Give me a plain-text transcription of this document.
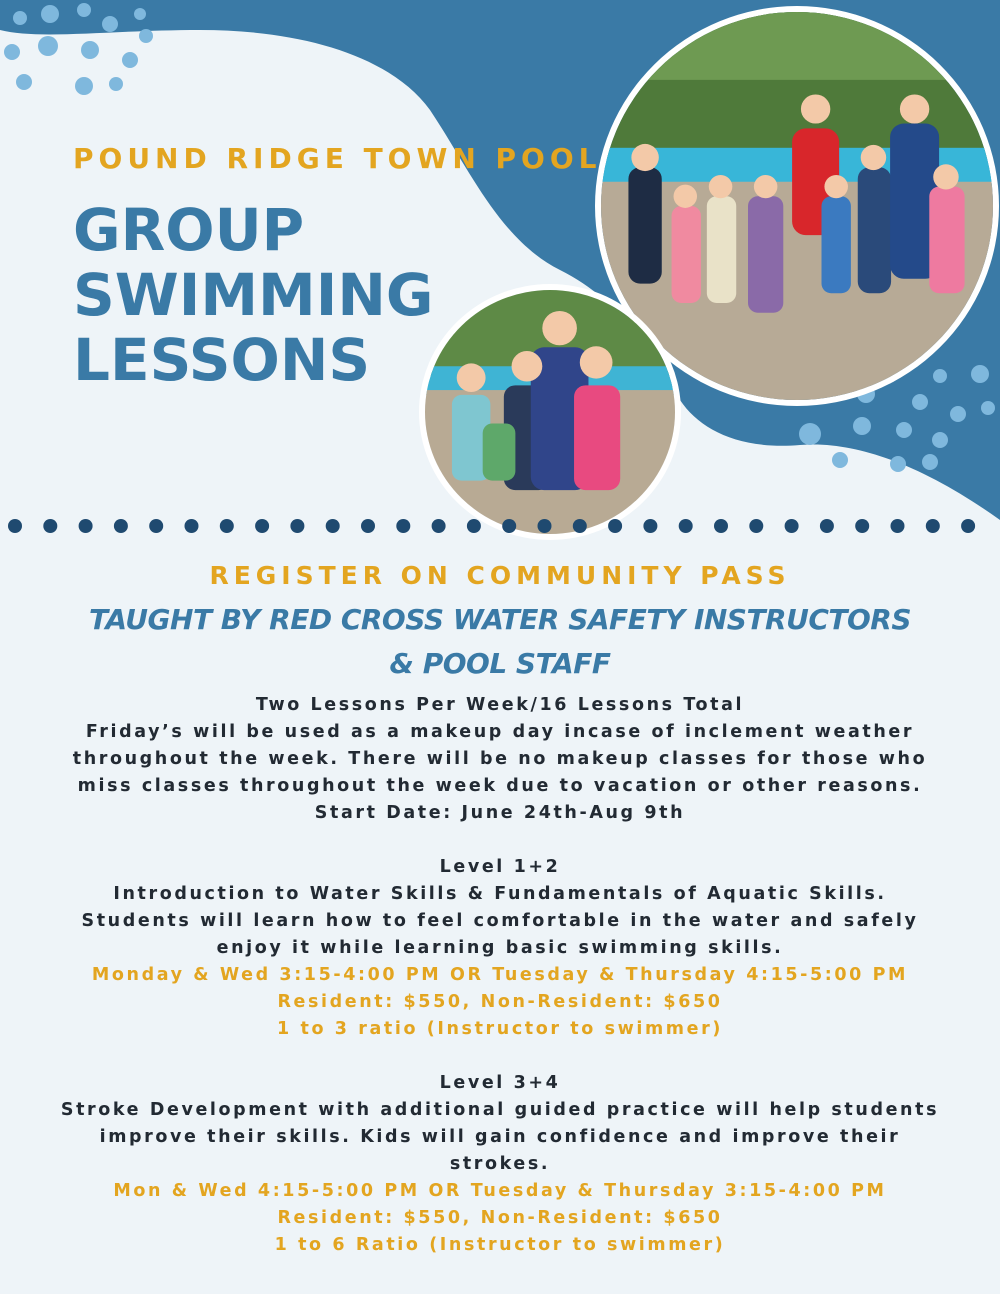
POUND RIDGE TOWN POOL

GROUP
SWIMMING
LESSONS

REGISTER ON COMMUNITY PASS

TAUGHT BY RED CROSS WATER SAFETY INSTRUCTORS
& POOL STAFF
Two Lessons Per Week/16 Lessons Total
Friday’s will be used as a makeup day incase of inclement weather
throughout the week. There will be no makeup classes for those who
miss classes throughout the week due to vacation or other reasons.
Start Date: June 24th-Aug 9th
Level 1+2
Introduction to Water Skills & Fundamentals of Aquatic Skills.
Students will learn how to feel comfortable in the water and safely
enjoy it while learning basic swimming skills.
Monday & Wed 3:15-4:00 PM OR Tuesday & Thursday 4:15-5:00 PM
Resident: $550, Non-Resident: $650
1 to 3 ratio (Instructor to swimmer)
Level 3+4
Stroke Development with additional guided practice will help students
improve their skills. Kids will gain confidence and improve their
strokes.
Mon & Wed 4:15-5:00 PM OR Tuesday & Thursday 3:15-4:00 PM
Resident: $550, Non-Resident: $650
1 to 6 Ratio (Instructor to swimmer)
